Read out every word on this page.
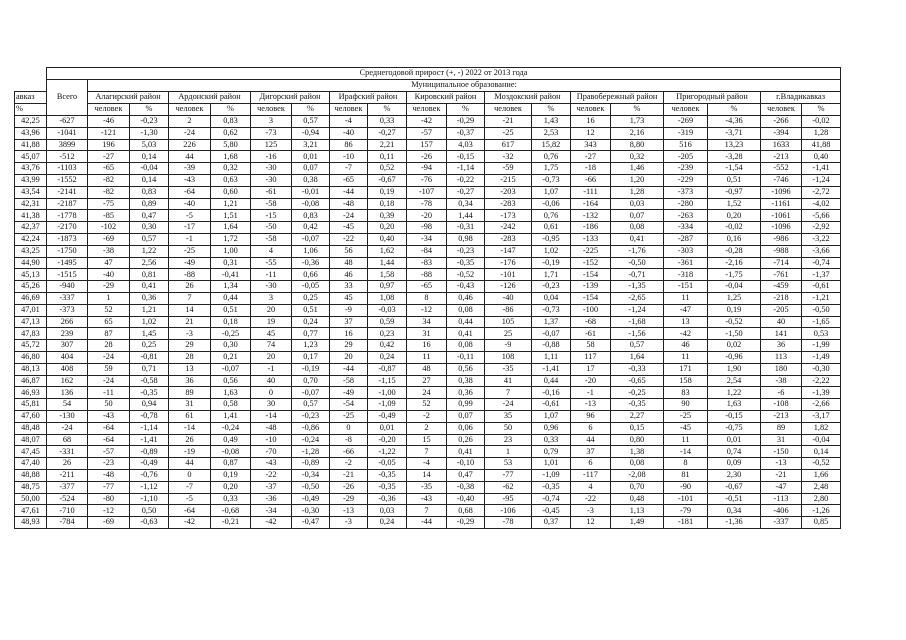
	Среднегодовой прирост (+, -) 2022 от 2013 года																		
	Всего	Муниципальное образование:																	
авказ		Алагирский район		Ардонский район		Дигорский район		Ирафский район		Кировский район		Моздокский район		Правобережный район		Пригородный район		г.Владикавказ	
%		человек	%	человек	%	человек	%	человек	%	человек	%	человек	%	человек	%	человек	%	человек	%
42,25	-627	-46	-0,23	2	0,83	3	0,57	-4	0,33	-42	-0,29	-21	1,43	16	1,73	-269	-4,36	-266	-0,02
43,96	-1041	-121	-1,30	-24	0,62	-73	-0,94	-40	-0,27	-57	-0,37	-25	2,53	12	2,16	-319	-3,71	-394	1,28
41,88	3899	196	5,03	226	5,80	125	3,21	86	2,21	157	4,03	617	15,82	343	8,80	516	13,23	1633	41,88
45,07	-512	-27	0,14	44	1,68	-16	0,01	-10	0,11	-26	-0,15	-32	0,76	-27	0,32	-205	-3,28	-213	0,40
43,76	-1103	-65	-0,04	-39	0,32	-30	0,07	-7	0,52	-94	-1,14	-59	1,75	-18	1,46	-239	-1,54	-552	-1,41
43,99	-1552	-82	0,14	-43	0,63	-30	0,38	-65	-0,67	-76	-0,22	-215	-0,73	-66	1,20	-229	0,51	-746	-1,24
43,54	-2141	-82	0,83	-64	0,60	-61	-0,01	-44	0,19	-107	-0,27	-203	1,07	-111	1,28	-373	-0,97	-1096	-2,72
42,31	-2187	-75	0,89	-40	1,21	-58	-0,08	-48	0,18	-78	0,34	-283	-0,06	-164	0,03	-280	1,52	-1161	-4,02
41,38	-1778	-85	0,47	-5	1,51	-15	0,83	-24	0,39	-20	1,44	-173	0,76	-132	0,07	-263	0,20	-1061	-5,66
42,37	-2170	-102	0,30	-17	1,64	-50	0,42	-45	0,20	-98	-0,31	-242	0,61	-186	0,08	-334	-0,02	-1096	-2,92
42,24	-1873	-69	0,57	-1	1,72	-58	-0,07	-22	0,40	-34	0,98	-283	-0,95	-133	0,41	-287	0,16	-986	-3,22
43,25	-1750	-38	1,22	-25	1,00	4	1,06	56	1,62	-84	-0,23	-147	1,02	-225	-1,76	-303	-0,28	-988	-3,66
44,90	-1495	47	2,56	-49	0,31	-55	-0,36	48	1,44	-83	-0,35	-176	-0,19	-152	-0,50	-361	-2,16	-714	-0,74
45,13	-1515	-40	0,81	-88	-0,41	-11	0,66	46	1,58	-88	-0,52	-101	1,71	-154	-0,71	-318	-1,75	-761	-1,37
45,26	-940	-29	0,41	26	1,34	-30	-0,05	33	0,97	-65	-0,43	-126	-0,23	-139	-1,35	-151	-0,04	-459	-0,61
46,69	-337	1	0,36	7	0,44	3	0,25	45	1,08	8	0,46	-40	0,04	-154	-2,65	11	1,25	-218	-1,21
47,01	-373	52	1,21	14	0,51	20	0,51	-9	-0,03	-12	0,08	-86	-0,73	-100	-1,24	-47	0,19	-205	-0,50
47,13	266	65	1,02	21	0,18	19	0,24	37	0,59	34	0,44	105	1,37	-68	-1,68	13	-0,52	40	-1,65
47,83	239	87	1,45	-3	-0,25	45	0,77	16	0,23	31	0,41	25	-0,07	-61	-1,56	-42	-1,50	141	0,53
45,72	307	28	0,25	29	0,30	74	1,23	29	0,42	16	0,08	-9	-0,88	58	0,57	46	0,02	36	-1,99
46,80	404	-24	-0,81	28	0,21	20	0,17	20	0,24	11	-0,11	108	1,11	117	1,64	11	-0,96	113	-1,49
48,13	408	59	0,71	13	-0,07	-1	-0,19	-44	-0,87	48	0,56	-35	-1,41	17	-0,33	171	1,90	180	-0,30
46,87	162	-24	-0,58	36	0,56	40	0,70	-58	-1,15	27	0,38	41	0,44	-20	-0,65	158	2,54	-38	-2,22
46,93	136	-11	-0,35	89	1,63	0	-0,07	-49	-1,00	24	0,36	7	-0,16	-1	-0,25	83	1,22	-6	-1,39
45,81	54	50	0,94	31	0,58	30	0,57	-54	-1,09	52	0,99	-24	-0,61	-13	-0,35	90	1,63	-108	-2,66
47,60	-130	-43	-0,78	61	1,41	-14	-0,23	-25	-0,49	-2	0,07	35	1,07	96	2,27	-25	-0,15	-213	-3,17
48,48	-24	-64	-1,14	-14	-0,24	-48	-0,86	0	0,01	2	0,06	50	0,96	6	0,15	-45	-0,75	89	1,82
48,07	68	-64	-1,41	26	0,49	-10	-0,24	-8	-0,20	15	0,26	23	0,33	44	0,80	11	0,01	31	-0,04
47,45	-331	-57	-0,89	-19	-0,08	-70	-1,28	-66	-1,22	7	0,41	1	0,79	37	1,38	-14	0,74	-150	0,14
47,40	26	-23	-0,49	44	0,87	-43	-0,89	-2	-0,05	-4	-0,10	53	1,01	6	0,08	8	0,09	-13	-0,52
48,88	-211	-48	-0,76	0	0,19	-22	-0,34	-21	-0,35	14	0,47	-77	-1,09	-117	-2,08	81	2,30	-21	1,66
48,75	-377	-77	-1,12	-7	0,20	-37	-0,50	-26	-0,35	-35	-0,38	-62	-0,35	4	0,70	-90	-0,67	-47	2,48
50,00	-524	-80	-1,10	-5	0,33	-36	-0,49	-29	-0,36	-43	-0,40	-95	-0,74	-22	0,48	-101	-0,51	-113	2,80
47,61	-710	-12	0,50	-64	-0,68	-34	-0,30	-13	0,03	7	0,68	-106	-0,45	-3	1,13	-79	0,34	-406	-1,26
48,93	-784	-69	-0,63	-42	-0,21	-42	-0,47	-3	0,24	-44	-0,29	-78	0,37	12	1,49	-181	-1,36	-337	0,85
